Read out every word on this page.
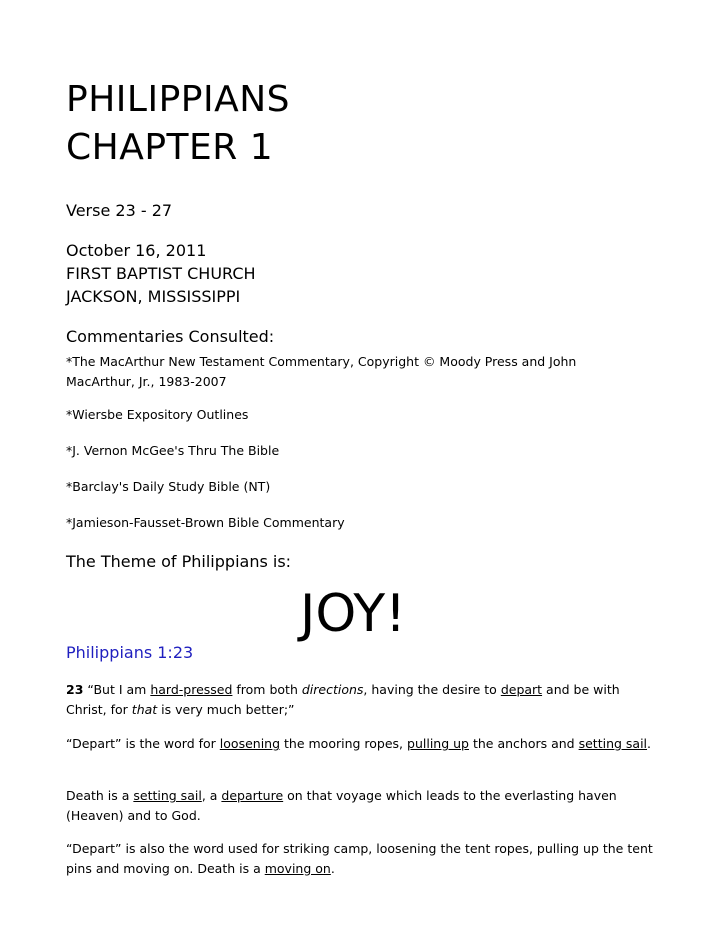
PHILIPPIANS
CHAPTER 1
Verse 23 - 27
October 16, 2011
FIRST BAPTIST CHURCH
JACKSON, MISSISSIPPI
Commentaries Consulted:
*The MacArthur New Testament Commentary, Copyright © Moody Press and John
MacArthur, Jr., 1983-2007
*Wiersbe Expository Outlines
*J. Vernon McGee's Thru The Bible
*Barclay's Daily Study Bible (NT)
*Jamieson-Fausset-Brown Bible Commentary
The Theme of Philippians is:
JOY!
Philippians 1:23
23 “But I am hard-pressed from both directions, having the desire to depart and be with Christ, for that is very much better;”
“Depart” is the word for loosening the mooring ropes, pulling up the anchors and setting sail.
Death is a setting sail, a departure on that voyage which leads to the everlasting haven (Heaven) and to God.
“Depart” is also the word used for striking camp, loosening the tent ropes, pulling up the tent pins and moving on. Death is a moving on.
